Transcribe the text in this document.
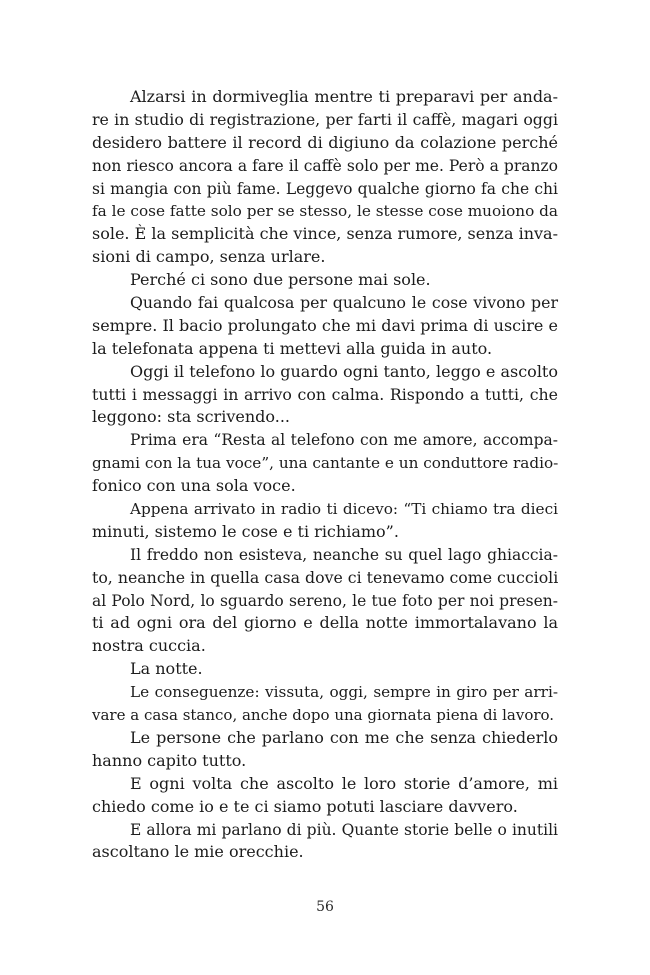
Alzarsi in dormiveglia mentre ti preparavi per anda-
re in studio di registrazione, per farti il caffè, magari oggi
desidero battere il record di digiuno da colazione perché
non riesco ancora a fare il caffè solo per me. Però a pranzo
si mangia con più fame. Leggevo qualche giorno fa che chi
fa le cose fatte solo per se stesso, le stesse cose muoiono da
sole. È la semplicità che vince, senza rumore, senza inva-
sioni di campo, senza urlare.
Perché ci sono due persone mai sole.
Quando fai qualcosa per qualcuno le cose vivono per
sempre. Il bacio prolungato che mi davi prima di uscire e
la telefonata appena ti mettevi alla guida in auto.
Oggi il telefono lo guardo ogni tanto, leggo e ascolto
tutti i messaggi in arrivo con calma. Rispondo a tutti, che
leggono: sta scrivendo...
Prima era “Resta al telefono con me amore, accompa-
gnami con la tua voce”, una cantante e un conduttore radio-
fonico con una sola voce.
Appena arrivato in radio ti dicevo: “Ti chiamo tra dieci
minuti, sistemo le cose e ti richiamo”.
Il freddo non esisteva, neanche su quel lago ghiaccia-
to, neanche in quella casa dove ci tenevamo come cuccioli
al Polo Nord, lo sguardo sereno, le tue foto per noi presen-
ti ad ogni ora del giorno e della notte immortalavano la
nostra cuccia.
La notte.
Le conseguenze: vissuta, oggi, sempre in giro per arri-
vare a casa stanco, anche dopo una giornata piena di lavoro.
Le persone che parlano con me che senza chiederlo
hanno capito tutto.
E ogni volta che ascolto le loro storie d’amore, mi
chiedo come io e te ci siamo potuti lasciare davvero.
E allora mi parlano di più. Quante storie belle o inutili
ascoltano le mie orecchie.
56
